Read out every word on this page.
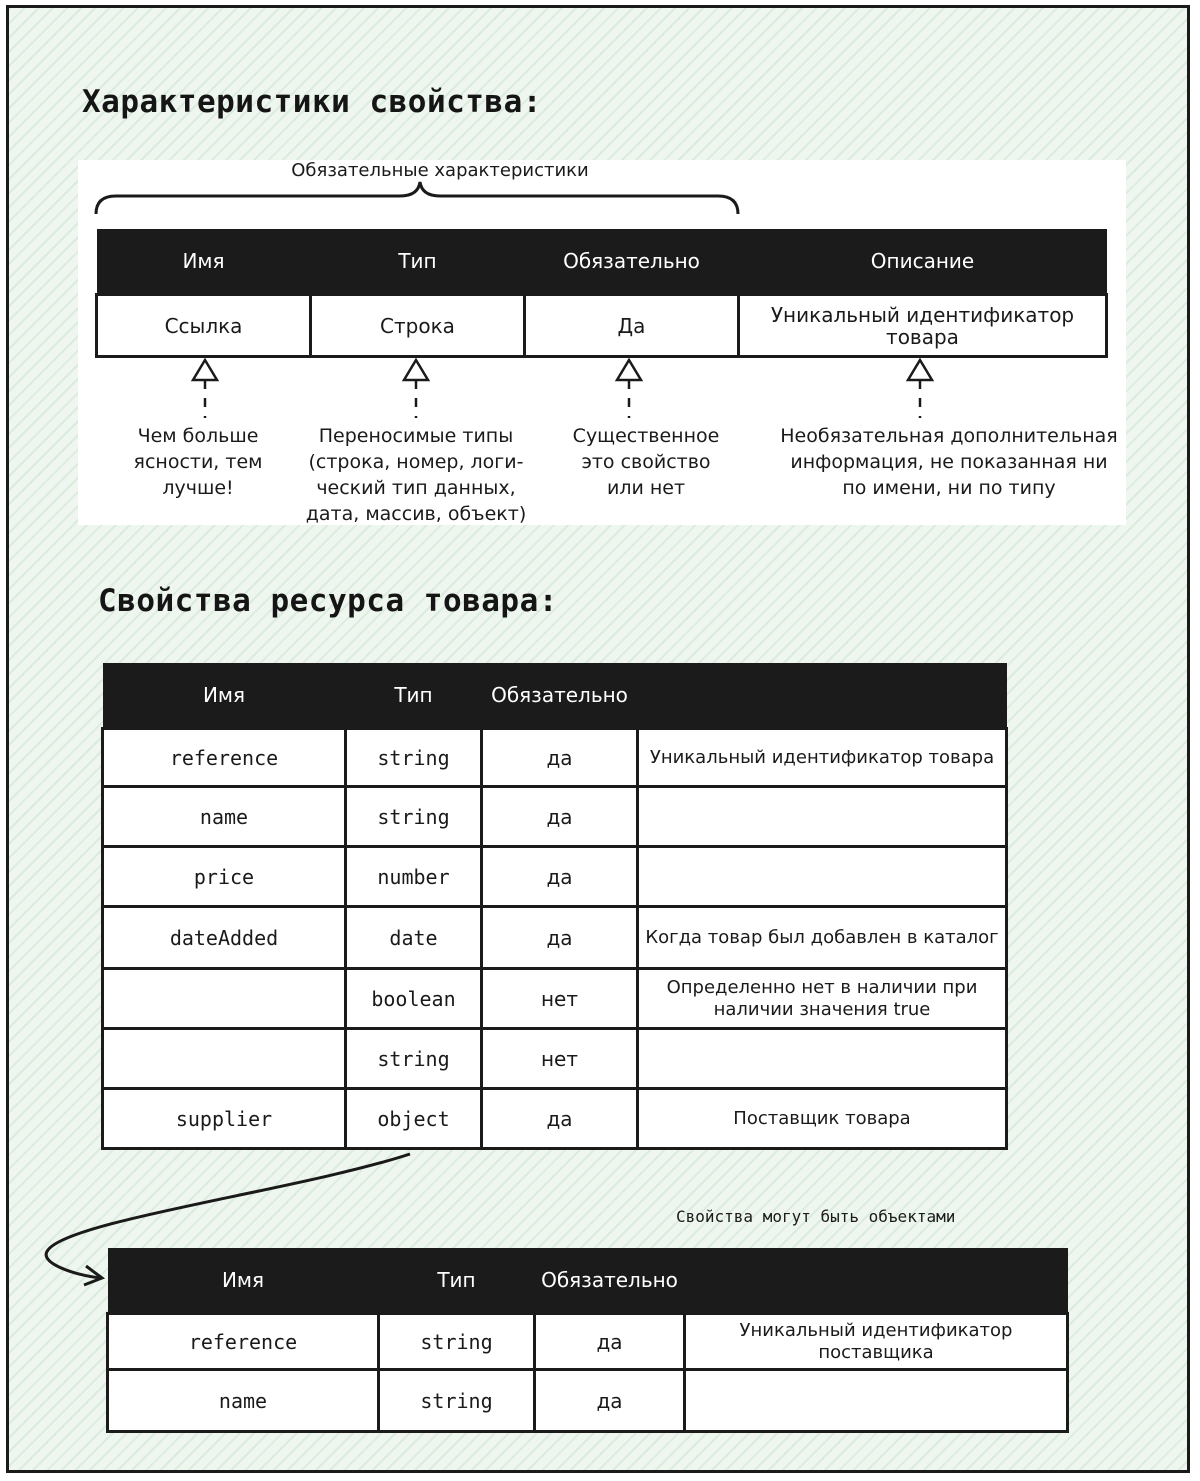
Характеристики свойства:
Обязательные характеристики
Имя	Тип	Обязательно	Описание
Ссылка	Строка	Да	Уникальный идентификатор товара
Чем больше ясности, тем лучше!
Переносимые типы (строка, номер, логи-ческий тип данных, дата, массив, объект)
Существенное это свойство или нет
Необязательная дополнительная информация, не показанная ни по имени, ни по типу
Свойства ресурса товара:
Имя	Тип	Обязательно	
reference	string	да	Уникальный идентификатор товара
name	string	да	
price	number	да	
dateAdded	date	да	Когда товар был добавлен в каталог
	boolean	нет	Определенно нет в наличии при наличии значения true
	string	нет	
supplier	object	да	Поставщик товара
Свойства могут быть объектами
Имя	Тип	Обязательно	
reference	string	да	Уникальный идентификатор поставщика
name	string	да	
